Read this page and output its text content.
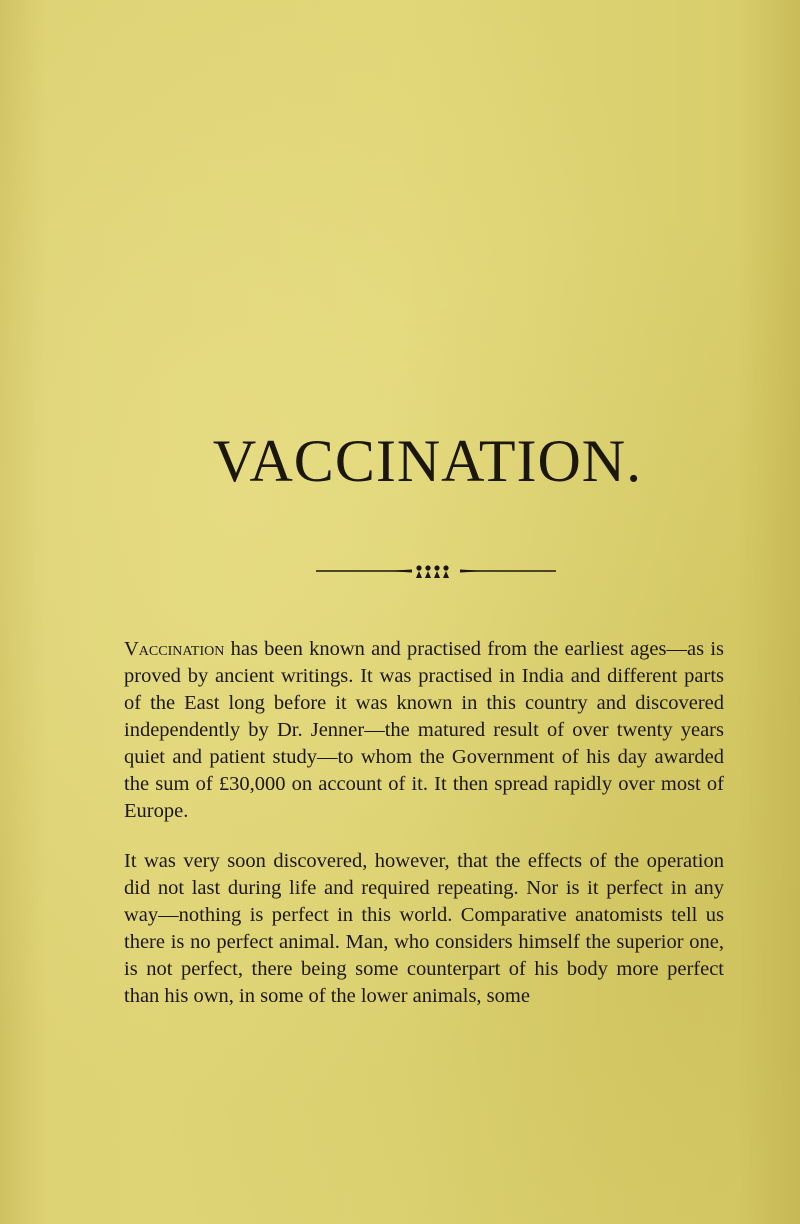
VACCINATION.

Vaccination has been known and practised from the earliest ages—as is proved by ancient writings. It was practised in India and different parts of the East long before it was known in this country and discovered independently by Dr. Jenner—the matured result of over twenty years quiet and patient study—to whom the Government of his day awarded the sum of £30,000 on account of it. It then spread rapidly over most of Europe.

It was very soon discovered, however, that the effects of the operation did not last during life and required repeating. Nor is it perfect in any way—nothing is perfect in this world. Comparative anatomists tell us there is no perfect animal. Man, who considers himself the superior one, is not perfect, there being some counterpart of his body more perfect than his own, in some of the lower animals, some
